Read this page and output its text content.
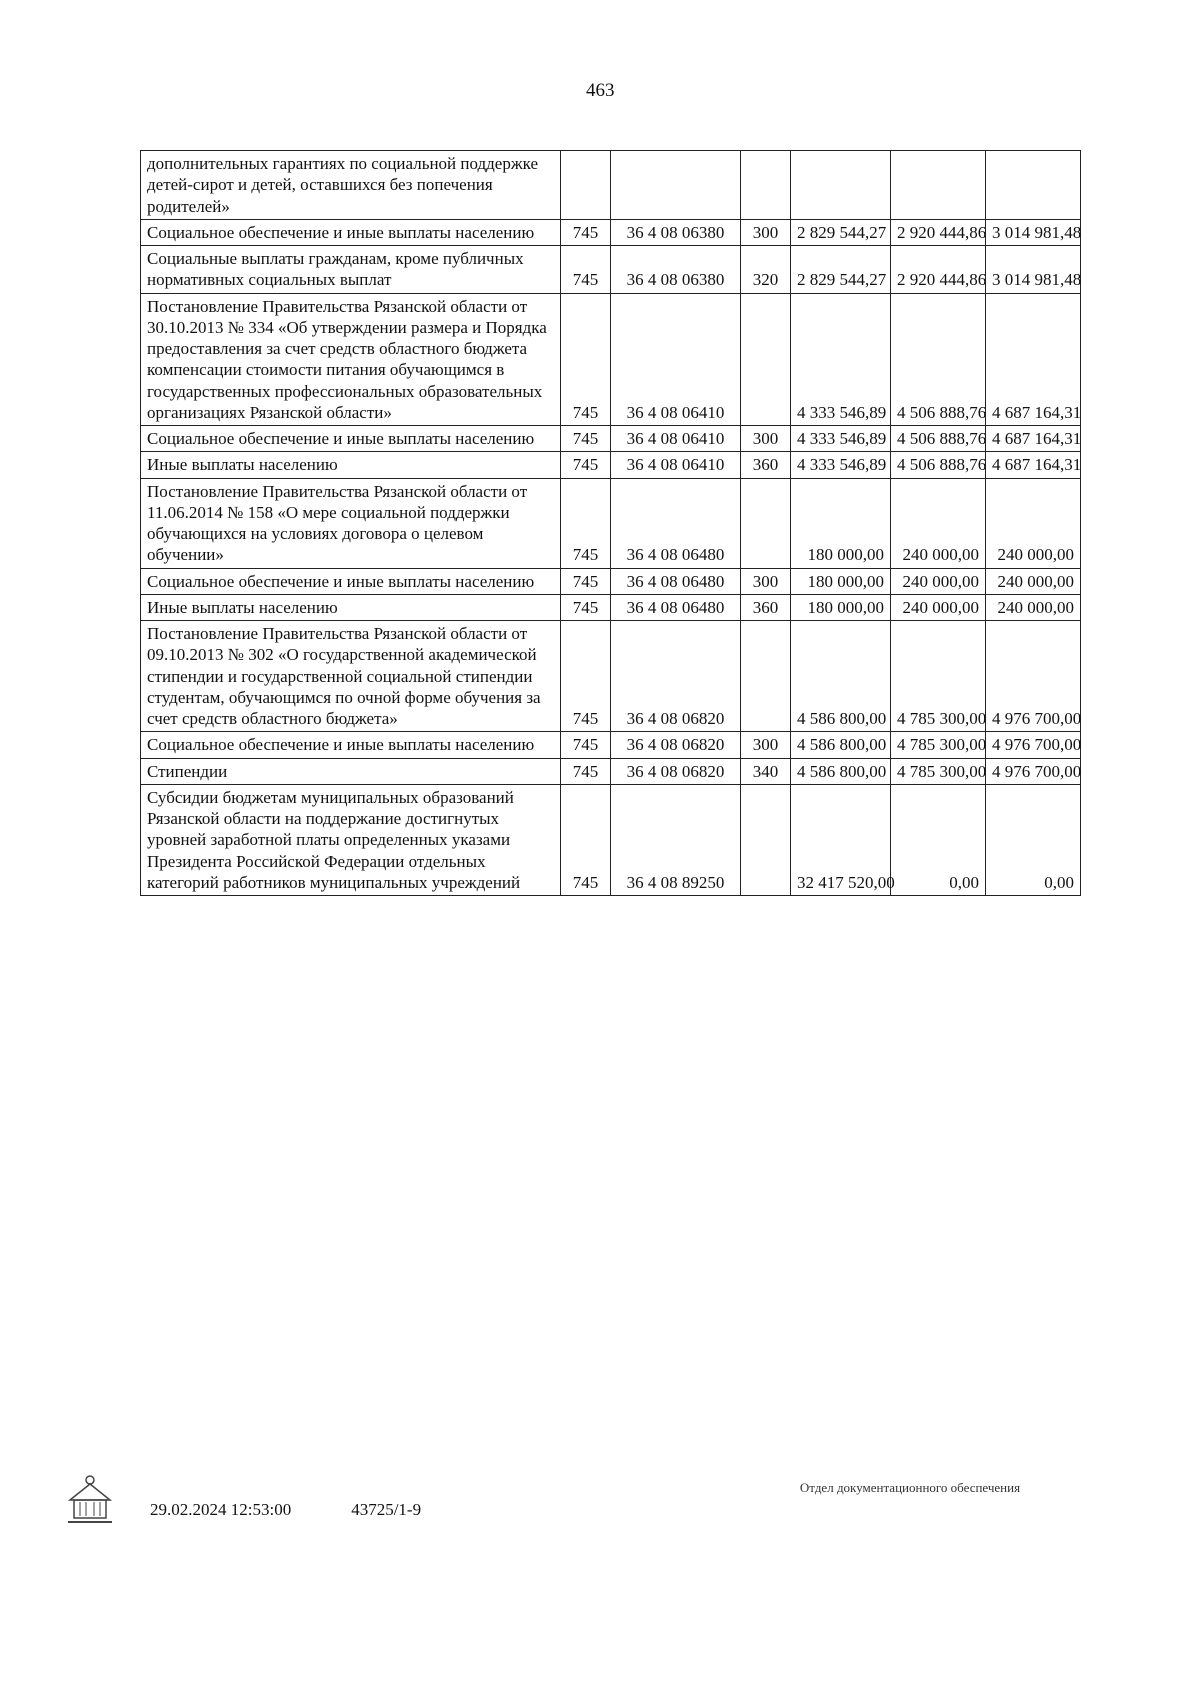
463
дополнительных гарантиях по социальной поддержке детей-сирот и детей, оставшихся без попечения родителей»						
Социальное обеспечение и иные выплаты населению	745	36 4 08 06380	300	2 829 544,27	2 920 444,86	3 014 981,48
Социальные выплаты гражданам, кроме публичных нормативных социальных выплат	745	36 4 08 06380	320	2 829 544,27	2 920 444,86	3 014 981,48
Постановление Правительства Рязанской области от 30.10.2013 № 334 «Об утверждении размера и Порядка предоставления за счет средств областного бюджета компенсации стоимости питания обучающимся в государственных профессиональных образовательных организациях Рязанской области»	745	36 4 08 06410		4 333 546,89	4 506 888,76	4 687 164,31
Социальное обеспечение и иные выплаты населению	745	36 4 08 06410	300	4 333 546,89	4 506 888,76	4 687 164,31
Иные выплаты населению	745	36 4 08 06410	360	4 333 546,89	4 506 888,76	4 687 164,31
Постановление Правительства Рязанской области от 11.06.2014 № 158 «О мере социальной поддержки обучающихся на условиях договора о целевом обучении»	745	36 4 08 06480		180 000,00	240 000,00	240 000,00
Социальное обеспечение и иные выплаты населению	745	36 4 08 06480	300	180 000,00	240 000,00	240 000,00
Иные выплаты населению	745	36 4 08 06480	360	180 000,00	240 000,00	240 000,00
Постановление Правительства Рязанской области от 09.10.2013 № 302 «О государственной академической стипендии и государственной социальной стипендии студентам, обучающимся по очной форме обучения за счет средств областного бюджета»	745	36 4 08 06820		4 586 800,00	4 785 300,00	4 976 700,00
Социальное обеспечение и иные выплаты населению	745	36 4 08 06820	300	4 586 800,00	4 785 300,00	4 976 700,00
Стипендии	745	36 4 08 06820	340	4 586 800,00	4 785 300,00	4 976 700,00
Субсидии бюджетам муниципальных образований Рязанской области на поддержание достигнутых уровней заработной платы определенных указами Президента Российской Федерации отдельных категорий работников муниципальных учреждений	745	36 4 08 89250		32 417 520,00	0,00	0,00
29.02.2024 12:53:00	43725/1-9
Отдел документационного обеспечения
